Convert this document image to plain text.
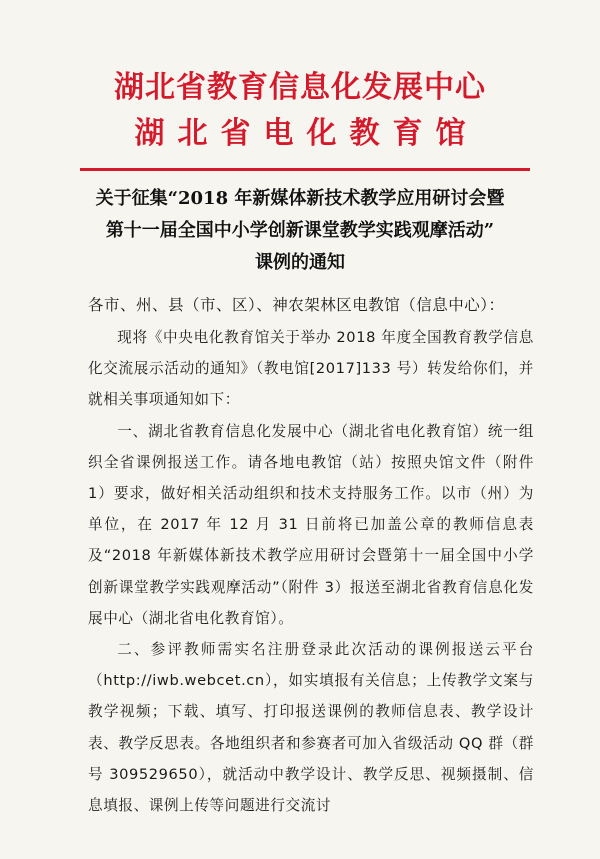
湖北省教育信息化发展中心
湖北省电化教育馆
关于征集“2018 年新媒体新技术教学应用研讨会暨
第十一届全国中小学创新课堂教学实践观摩活动”
课例的通知
各市、州、县（市、区）、神农架林区电教馆（信息中心）：

现将《中央电化教育馆关于举办 2018 年度全国教育教学信息化交流展示活动的通知》（教电馆[2017]133 号）转发给你们，并就相关事项通知如下：

一、湖北省教育信息化发展中心（湖北省电化教育馆）统一组织全省课例报送工作。请各地电教馆（站）按照央馆文件（附件 1）要求，做好相关活动组织和技术支持服务工作。以市（州）为单位，在 2017 年 12 月 31 日前将已加盖公章的教师信息表及“2018 年新媒体新技术教学应用研讨会暨第十一届全国中小学创新课堂教学实践观摩活动”（附件 3）报送至湖北省教育信息化发展中心（湖北省电化教育馆）。

二、参评教师需实名注册登录此次活动的课例报送云平台（http://iwb.webcet.cn），如实填报有关信息；上传教学文案与教学视频；下载、填写、打印报送课例的教师信息表、教学设计表、教学反思表。各地组织者和参赛者可加入省级活动 QQ 群（群号 309529650），就活动中教学设计、教学反思、视频摄制、信息填报、课例上传等问题进行交流讨
